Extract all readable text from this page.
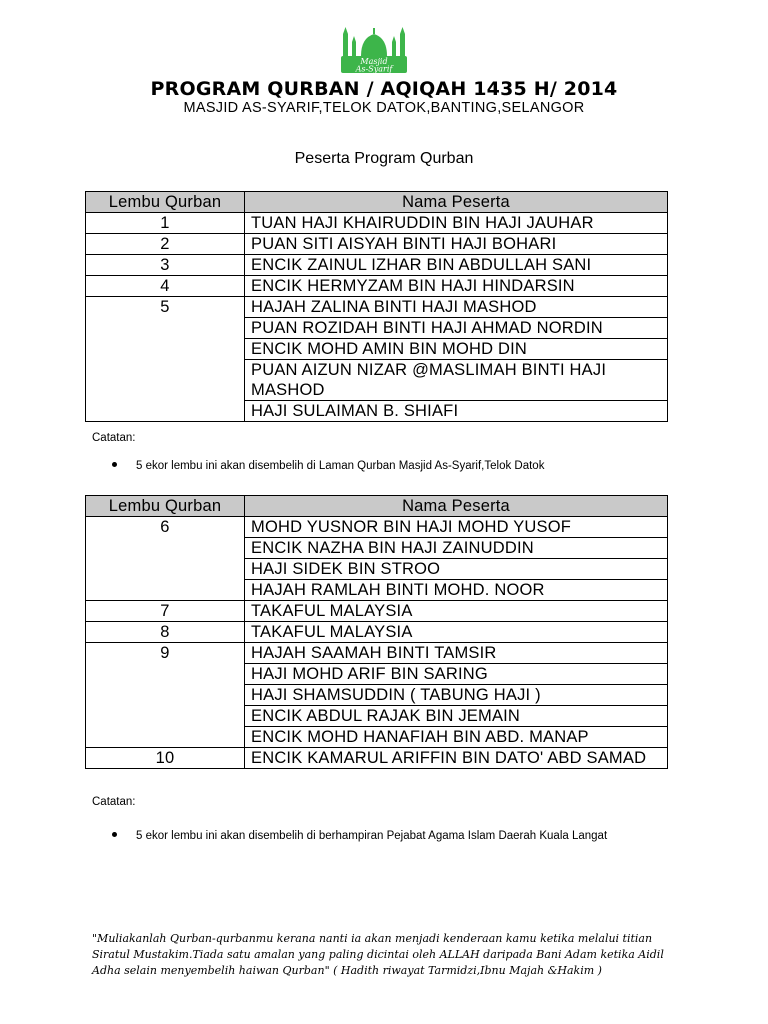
Masjid
As-Syarif
PROGRAM QURBAN / AQIQAH 1435 H/ 2014
MASJID AS-SYARIF,TELOK DATOK,BANTING,SELANGOR
Peserta Program Qurban
Lembu Qurban	Nama Peserta
1	TUAN HAJI KHAIRUDDIN BIN HAJI JAUHAR
2	PUAN SITI AISYAH BINTI HAJI BOHARI
3	ENCIK ZAINUL IZHAR BIN ABDULLAH SANI
4	ENCIK HERMYZAM BIN HAJI HINDARSIN
5	HAJAH ZALINA BINTI HAJI MASHOD
	PUAN ROZIDAH BINTI HAJI AHMAD NORDIN
	ENCIK MOHD AMIN BIN MOHD DIN
	PUAN AIZUN NIZAR @MASLIMAH BINTI HAJI MASHOD
	HAJI SULAIMAN B. SHIAFI
Catatan:
5 ekor lembu ini akan disembelih di Laman Qurban Masjid As-Syarif,Telok Datok
Lembu Qurban	Nama Peserta
6	MOHD YUSNOR BIN HAJI MOHD YUSOF
	ENCIK NAZHA BIN HAJI ZAINUDDIN
	HAJI SIDEK BIN STROO
	HAJAH RAMLAH BINTI MOHD. NOOR
7	TAKAFUL MALAYSIA
8	TAKAFUL MALAYSIA
9	HAJAH SAAMAH BINTI TAMSIR
	HAJI MOHD ARIF BIN SARING
	HAJI SHAMSUDDIN ( TABUNG HAJI )
	ENCIK ABDUL RAJAK BIN JEMAIN
	ENCIK MOHD HANAFIAH BIN ABD. MANAP
10	ENCIK KAMARUL ARIFFIN BIN DATO' ABD SAMAD
Catatan:
5 ekor lembu ini akan disembelih di berhampiran Pejabat Agama Islam Daerah Kuala Langat
"Muliakanlah Qurban-qurbanmu kerana nanti ia akan menjadi kenderaan kamu ketika melalui titian Siratul Mustakim.Tiada satu amalan yang paling dicintai oleh ALLAH daripada Bani Adam ketika Aidil Adha selain menyembelih haiwan Qurban" ( Hadith riwayat Tarmidzi,Ibnu Majah &Hakim )
